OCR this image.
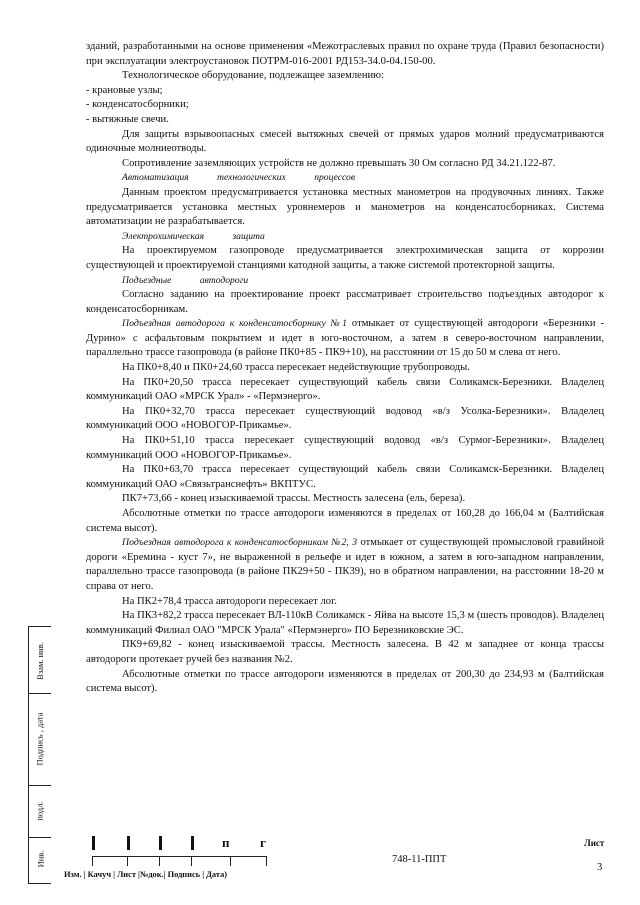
зданий, разработанными на основе применения «Межотраслевых правил по охране труда (Правил безопасности) при эксплуатации электроустановок ПОТРМ-016-2001 РД153-34.0-04.150-00.

Технологическое оборудование, подлежащее заземлению:

- крановые узлы;

- конденсатосборники;

- вытяжные свечи.

Для защиты взрывоопасных смесей вытяжных свечей от прямых ударов молний предусматриваются одиночные молниеотводы.

Сопротивление заземляющих устройств не должно превышать 30 Ом согласно РД 34.21.122-87.

Автоматизация технологических процессов

Данным проектом предусматривается установка местных манометров на продувочных линиях. Также предусматривается установка местных уровнемеров и манометров на конденсатосборниках. Система автоматизации не разрабатывается.

Электрохимическая защита

На проектируемом газопроводе предусматривается электрохимическая защита от коррозии существующей и проектируемой станциями катодной защиты, а также системой протекторной защиты.

Подъездные автодороги

Согласно заданию на проектирование проект рассматривает строительство подъездных автодорог к конденсатосборникам.

Подъездная автодорога к конденсатосборнику №1 отмыкает от существующей автодороги «Березники - Дурино» с асфальтовым покрытием и идет в юго-восточном, а затем в северо-восточном направлении, параллельно трассе газопровода (в районе ПК0+85 - ПК9+10), на расстоянии от 15 до 50 м слева от него.

На ПК0+8,40 и ПК0+24,60 трасса пересекает недействующие трубопроводы.

На ПК0+20,50 трасса пересекает существующий кабель связи Соликамск-Березники. Владелец коммуникаций ОАО «МРСК Урал» - «Пермэнерго».

На ПК0+32,70 трасса пересекает существующий водовод «в/з Усолка-Березники». Владелец коммуникаций ООО «НОВОГОР-Прикамье».

На ПК0+51,10 трасса пересекает существующий водовод «в/з Сурмог-Березники». Владелец коммуникаций ООО «НОВОГОР-Прикамье».

На ПК0+63,70 трасса пересекает существующий кабель связи Соликамск-Березники. Владелец коммуникаций ОАО «Связьтранснефть» ВКПТУС.

ПК7+73,66 - конец изыскиваемой трассы. Местность залесена (ель, береза).

Абсолютные отметки по трассе автодороги изменяются в пределах от 160,28 до 166,04 м (Балтийская система высот).

Подъездная автодорога к конденсатосборникам №2, 3 отмыкает от существующей промысловой гравийной дороги «Еремина - куст 7», не выраженной в рельефе и идет в южном, а затем в юго-западном направлении, параллельно трассе газопровода (в районе ПК29+50 - ПК39), но в обратном направлении, на расстоянии 18-20 м справа от него.

На ПК2+78,4 трасса автодороги пересекает лог.

На ПК3+82,2 трасса пересекает ВЛ-110кВ Соликамск - Яйва на высоте 15,3 м (шесть проводов). Владелец коммуникаций Филиал ОАО "МРСК Урала" «Пермэнерго» ПО Березниковские ЭС.

ПК9+69,82 - конец изыскиваемой трассы. Местность залесена. В 42 м западнее от конца трассы автодороги протекает ручей без названия №2.

Абсолютные отметки по трассе автодороги изменяются в пределах от 200,30 до 234,93 м (Балтийская система высот).

Взам. инв.
Подпись , дата
подл.
Инв.
п г
Изм. | Качуч | Лист |№док.| Подпись | Дата)
748-11-ППТ
Лист
3
